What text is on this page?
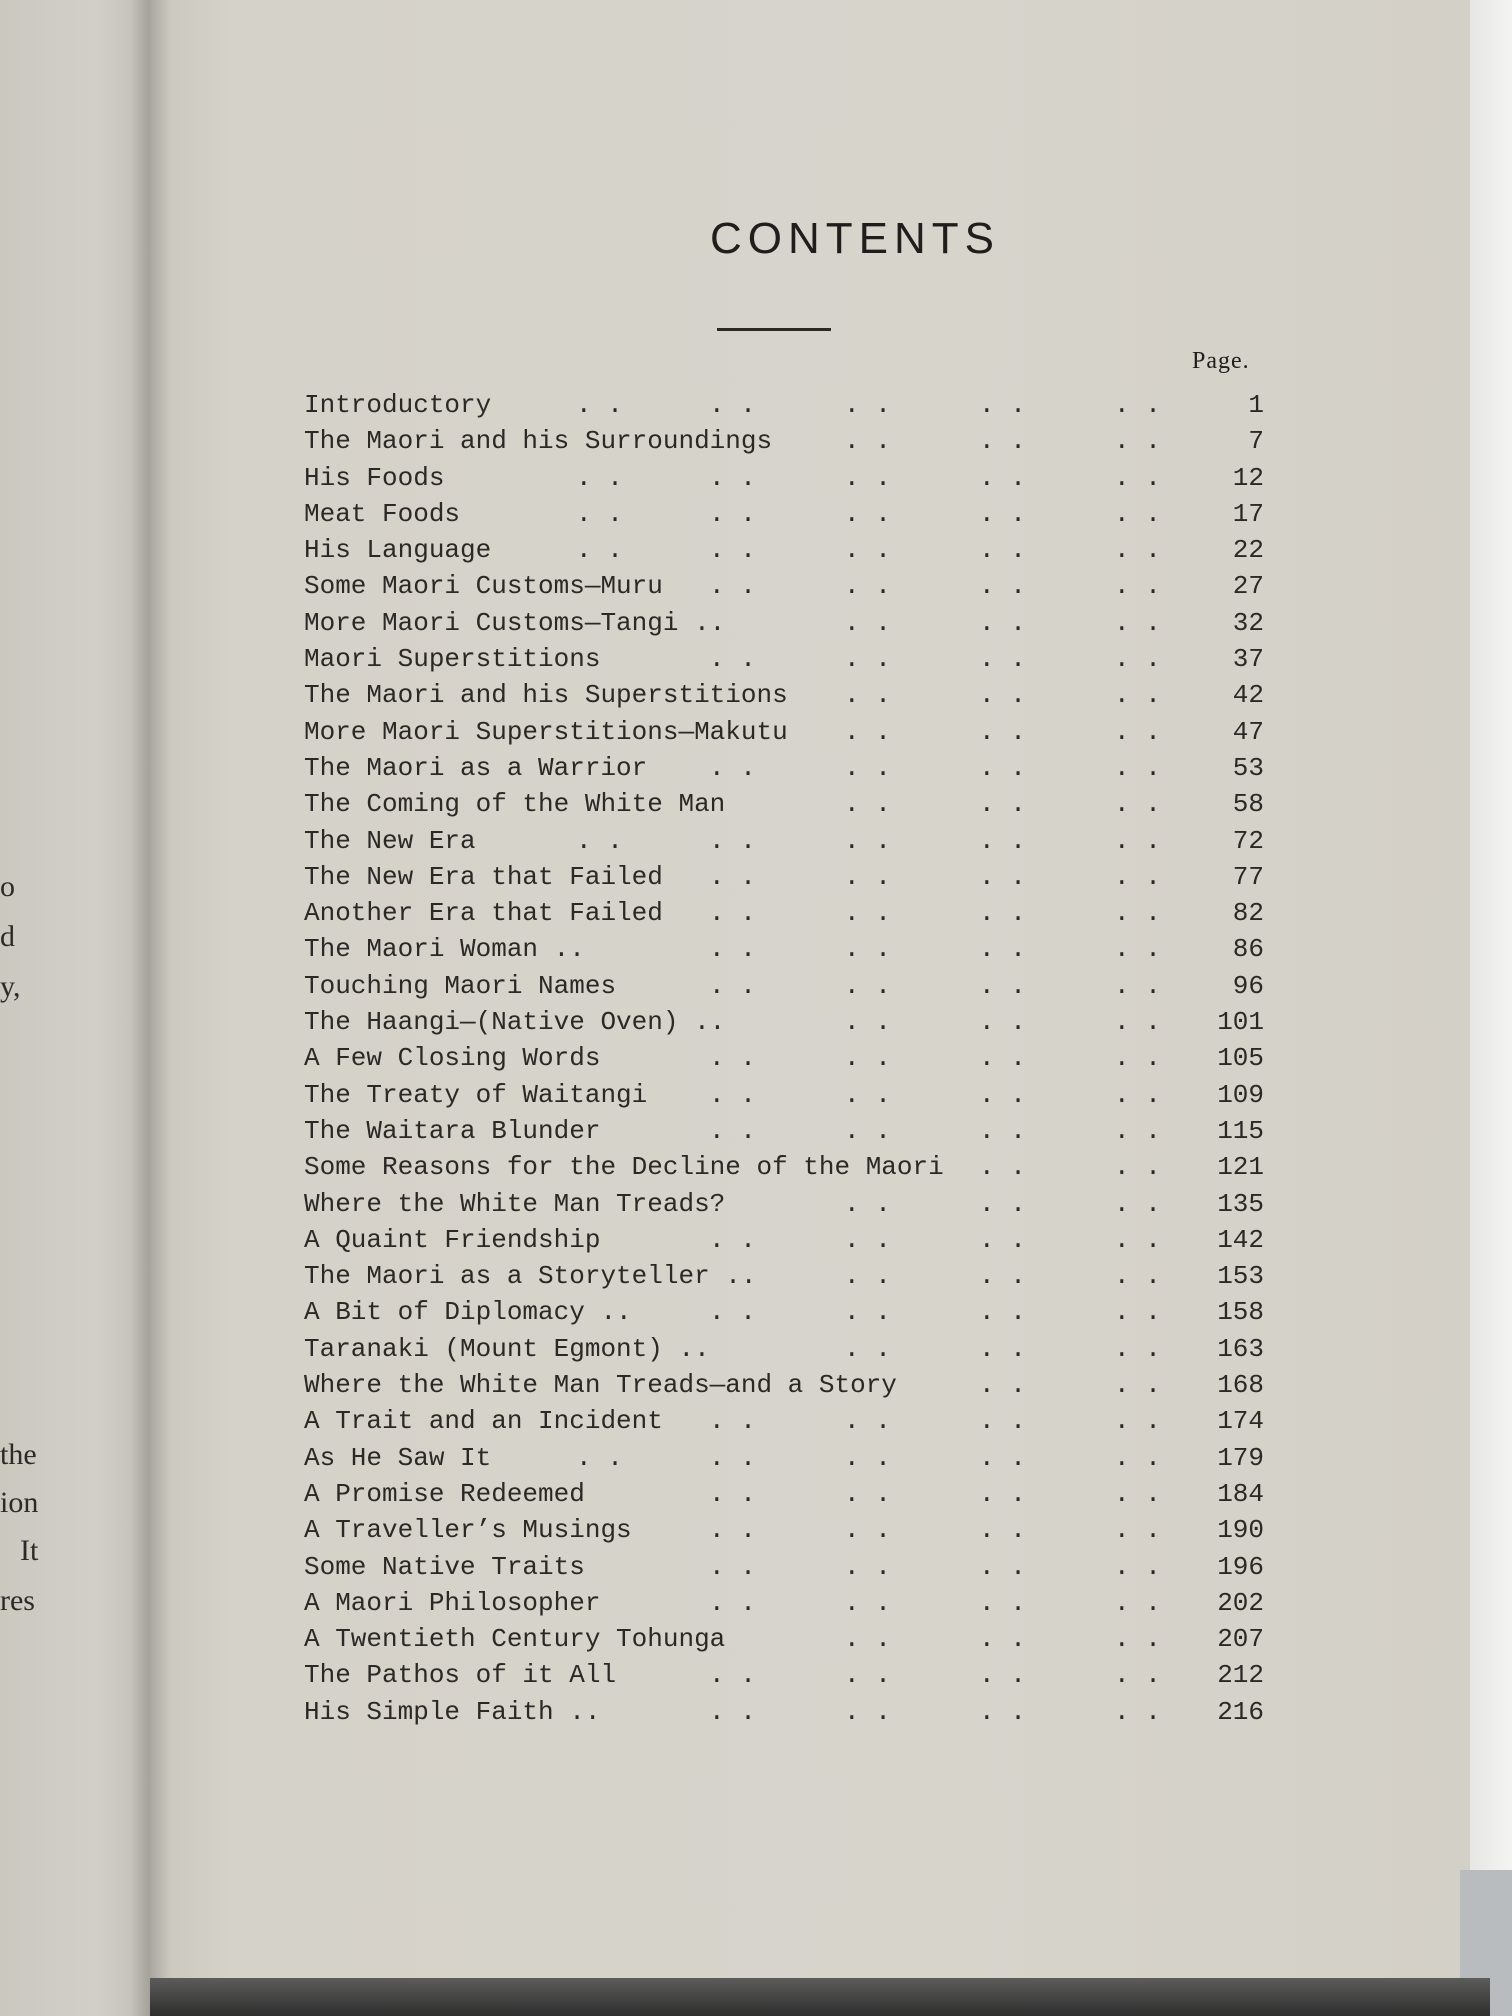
CONTENTS
o
d
y,
the
ion
It
res
Page.
Introductory	1
. .	. .	. .	. .	. .
The Maori and his Surroundings	7
. .	. .	. .
His Foods	12
. .	. .	. .	. .	. .
Meat Foods	17
. .	. .	. .	. .	. .
His Language	22
. .	. .	. .	. .	. .
Some Maori Customs—Muru	27
. .	. .	. .	. .
More Maori Customs—Tangi ..	32
. .	. .	. .
Maori Superstitions	37
. .	. .	. .	. .
The Maori and his Superstitions	42
. .	. .	. .
More Maori Superstitions—Makutu	47
. .	. .	. .
The Maori as a Warrior	53
. .	. .	. .	. .
The Coming of the White Man	58
. .	. .	. .
The New Era	72
. .	. .	. .	. .	. .
The New Era that Failed	77
. .	. .	. .	. .
Another Era that Failed	82
. .	. .	. .	. .
The Maori Woman ..	86
. .	. .	. .	. .
Touching Maori Names	96
. .	. .	. .	. .
The Haangi—(Native Oven) ..	101
. .	. .	. .
A Few Closing Words	105
. .	. .	. .	. .
The Treaty of Waitangi	109
. .	. .	. .	. .
The Waitara Blunder	115
. .	. .	. .	. .
Some Reasons for the Decline of the Maori	121
. .	. .
Where the White Man Treads?	135
. .	. .	. .
A Quaint Friendship	142
. .	. .	. .	. .
The Maori as a Storyteller ..	153
. .	. .	. .
A Bit of Diplomacy ..	158
. .	. .	. .	. .
Taranaki (Mount Egmont) ..	163
. .	. .	. .
Where the White Man Treads—and a Story	168
. .	. .
A Trait and an Incident	174
. .	. .	. .	. .
As He Saw It	179
. .	. .	. .	. .	. .
A Promise Redeemed	184
. .	. .	. .	. .
A Traveller’s Musings	190
. .	. .	. .	. .
Some Native Traits	196
. .	. .	. .	. .
A Maori Philosopher	202
. .	. .	. .	. .
A Twentieth Century Tohunga	207
. .	. .	. .
The Pathos of it All	212
. .	. .	. .	. .
His Simple Faith ..	216
. .	. .	. .	. .
